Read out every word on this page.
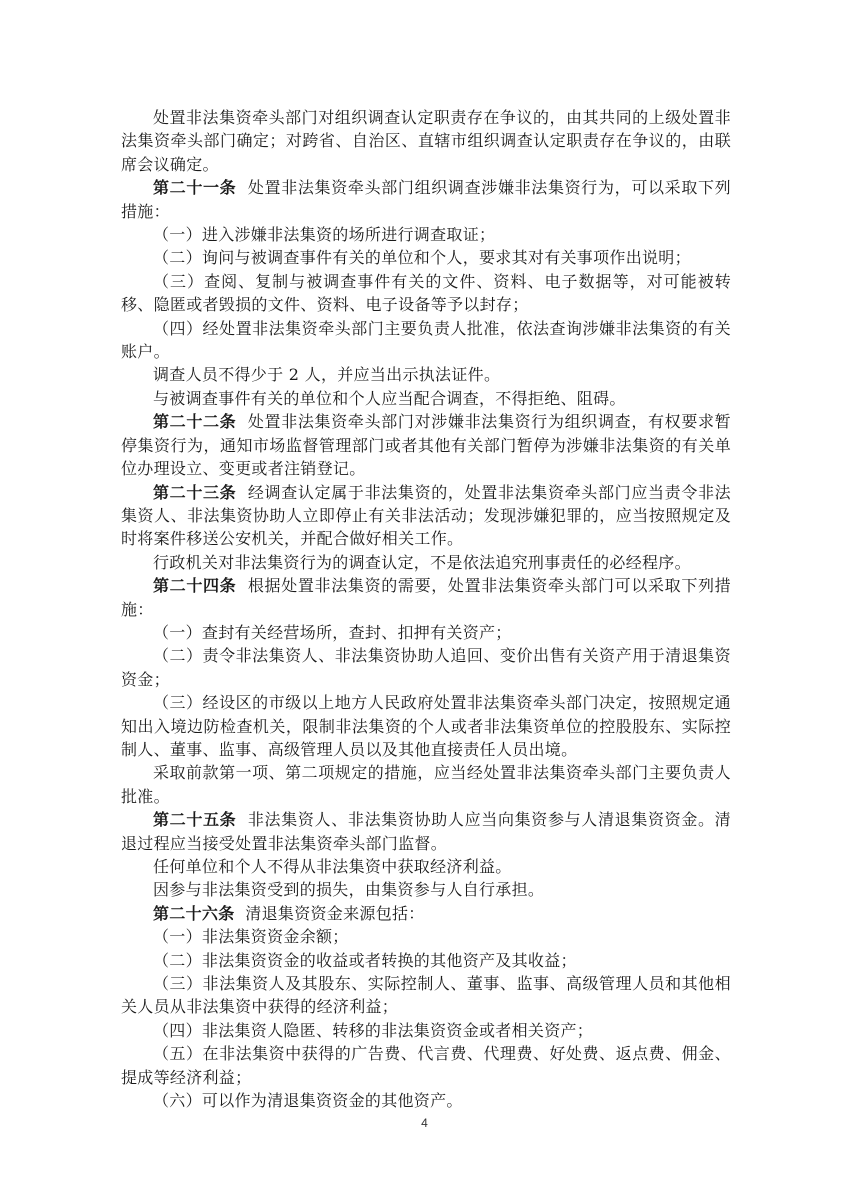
处置非法集资牵头部门对组织调查认定职责存在争议的，由其共同的上级处置非法集资牵头部门确定；对跨省、自治区、直辖市组织调查认定职责存在争议的，由联席会议确定。

第二十一条 处置非法集资牵头部门组织调查涉嫌非法集资行为，可以采取下列措施：

（一）进入涉嫌非法集资的场所进行调查取证；

（二）询问与被调查事件有关的单位和个人，要求其对有关事项作出说明；

（三）查阅、复制与被调查事件有关的文件、资料、电子数据等，对可能被转移、隐匿或者毁损的文件、资料、电子设备等予以封存；

（四）经处置非法集资牵头部门主要负责人批准，依法查询涉嫌非法集资的有关账户。

调查人员不得少于 2 人，并应当出示执法证件。

与被调查事件有关的单位和个人应当配合调查，不得拒绝、阻碍。

第二十二条 处置非法集资牵头部门对涉嫌非法集资行为组织调查，有权要求暂停集资行为，通知市场监督管理部门或者其他有关部门暂停为涉嫌非法集资的有关单位办理设立、变更或者注销登记。

第二十三条 经调查认定属于非法集资的，处置非法集资牵头部门应当责令非法集资人、非法集资协助人立即停止有关非法活动；发现涉嫌犯罪的，应当按照规定及时将案件移送公安机关，并配合做好相关工作。

行政机关对非法集资行为的调查认定，不是依法追究刑事责任的必经程序。

第二十四条 根据处置非法集资的需要，处置非法集资牵头部门可以采取下列措施：

（一）查封有关经营场所，查封、扣押有关资产；

（二）责令非法集资人、非法集资协助人追回、变价出售有关资产用于清退集资资金；

（三）经设区的市级以上地方人民政府处置非法集资牵头部门决定，按照规定通知出入境边防检查机关，限制非法集资的个人或者非法集资单位的控股股东、实际控制人、董事、监事、高级管理人员以及其他直接责任人员出境。

采取前款第一项、第二项规定的措施，应当经处置非法集资牵头部门主要负责人批准。

第二十五条 非法集资人、非法集资协助人应当向集资参与人清退集资资金。清退过程应当接受处置非法集资牵头部门监督。

任何单位和个人不得从非法集资中获取经济利益。

因参与非法集资受到的损失，由集资参与人自行承担。

第二十六条 清退集资资金来源包括：

（一）非法集资资金余额；

（二）非法集资资金的收益或者转换的其他资产及其收益；

（三）非法集资人及其股东、实际控制人、董事、监事、高级管理人员和其他相关人员从非法集资中获得的经济利益；

（四）非法集资人隐匿、转移的非法集资资金或者相关资产；

（五）在非法集资中获得的广告费、代言费、代理费、好处费、返点费、佣金、提成等经济利益；

（六）可以作为清退集资资金的其他资产。

4
